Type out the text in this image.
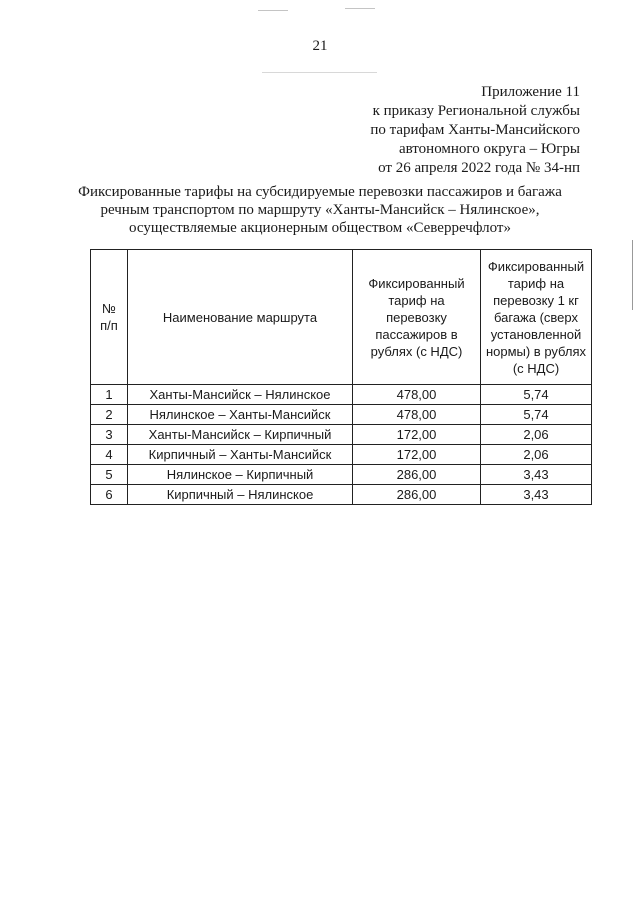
21
Приложение 11
к приказу Региональной службы
по тарифам Ханты-Мансийского
автономного округа – Югры
от 26 апреля 2022 года № 34-нп
Фиксированные тарифы на субсидируемые перевозки пассажиров и багажа
речным транспортом по маршруту «Ханты-Мансийск – Нялинское»,
осуществляемые акционерным обществом «Северречфлот»
№ п/п	Наименование маршрута	Фиксированный тариф на перевозку пассажиров в рублях (с НДС)	Фиксированный тариф на перевозку 1 кг багажа (сверх установленной нормы) в рублях (с НДС)
1	Ханты-Мансийск – Нялинское	478,00	5,74
2	Нялинское – Ханты-Мансийск	478,00	5,74
3	Ханты-Мансийск – Кирпичный	172,00	2,06
4	Кирпичный – Ханты-Мансийск	172,00	2,06
5	Нялинское – Кирпичный	286,00	3,43
6	Кирпичный – Нялинское	286,00	3,43
